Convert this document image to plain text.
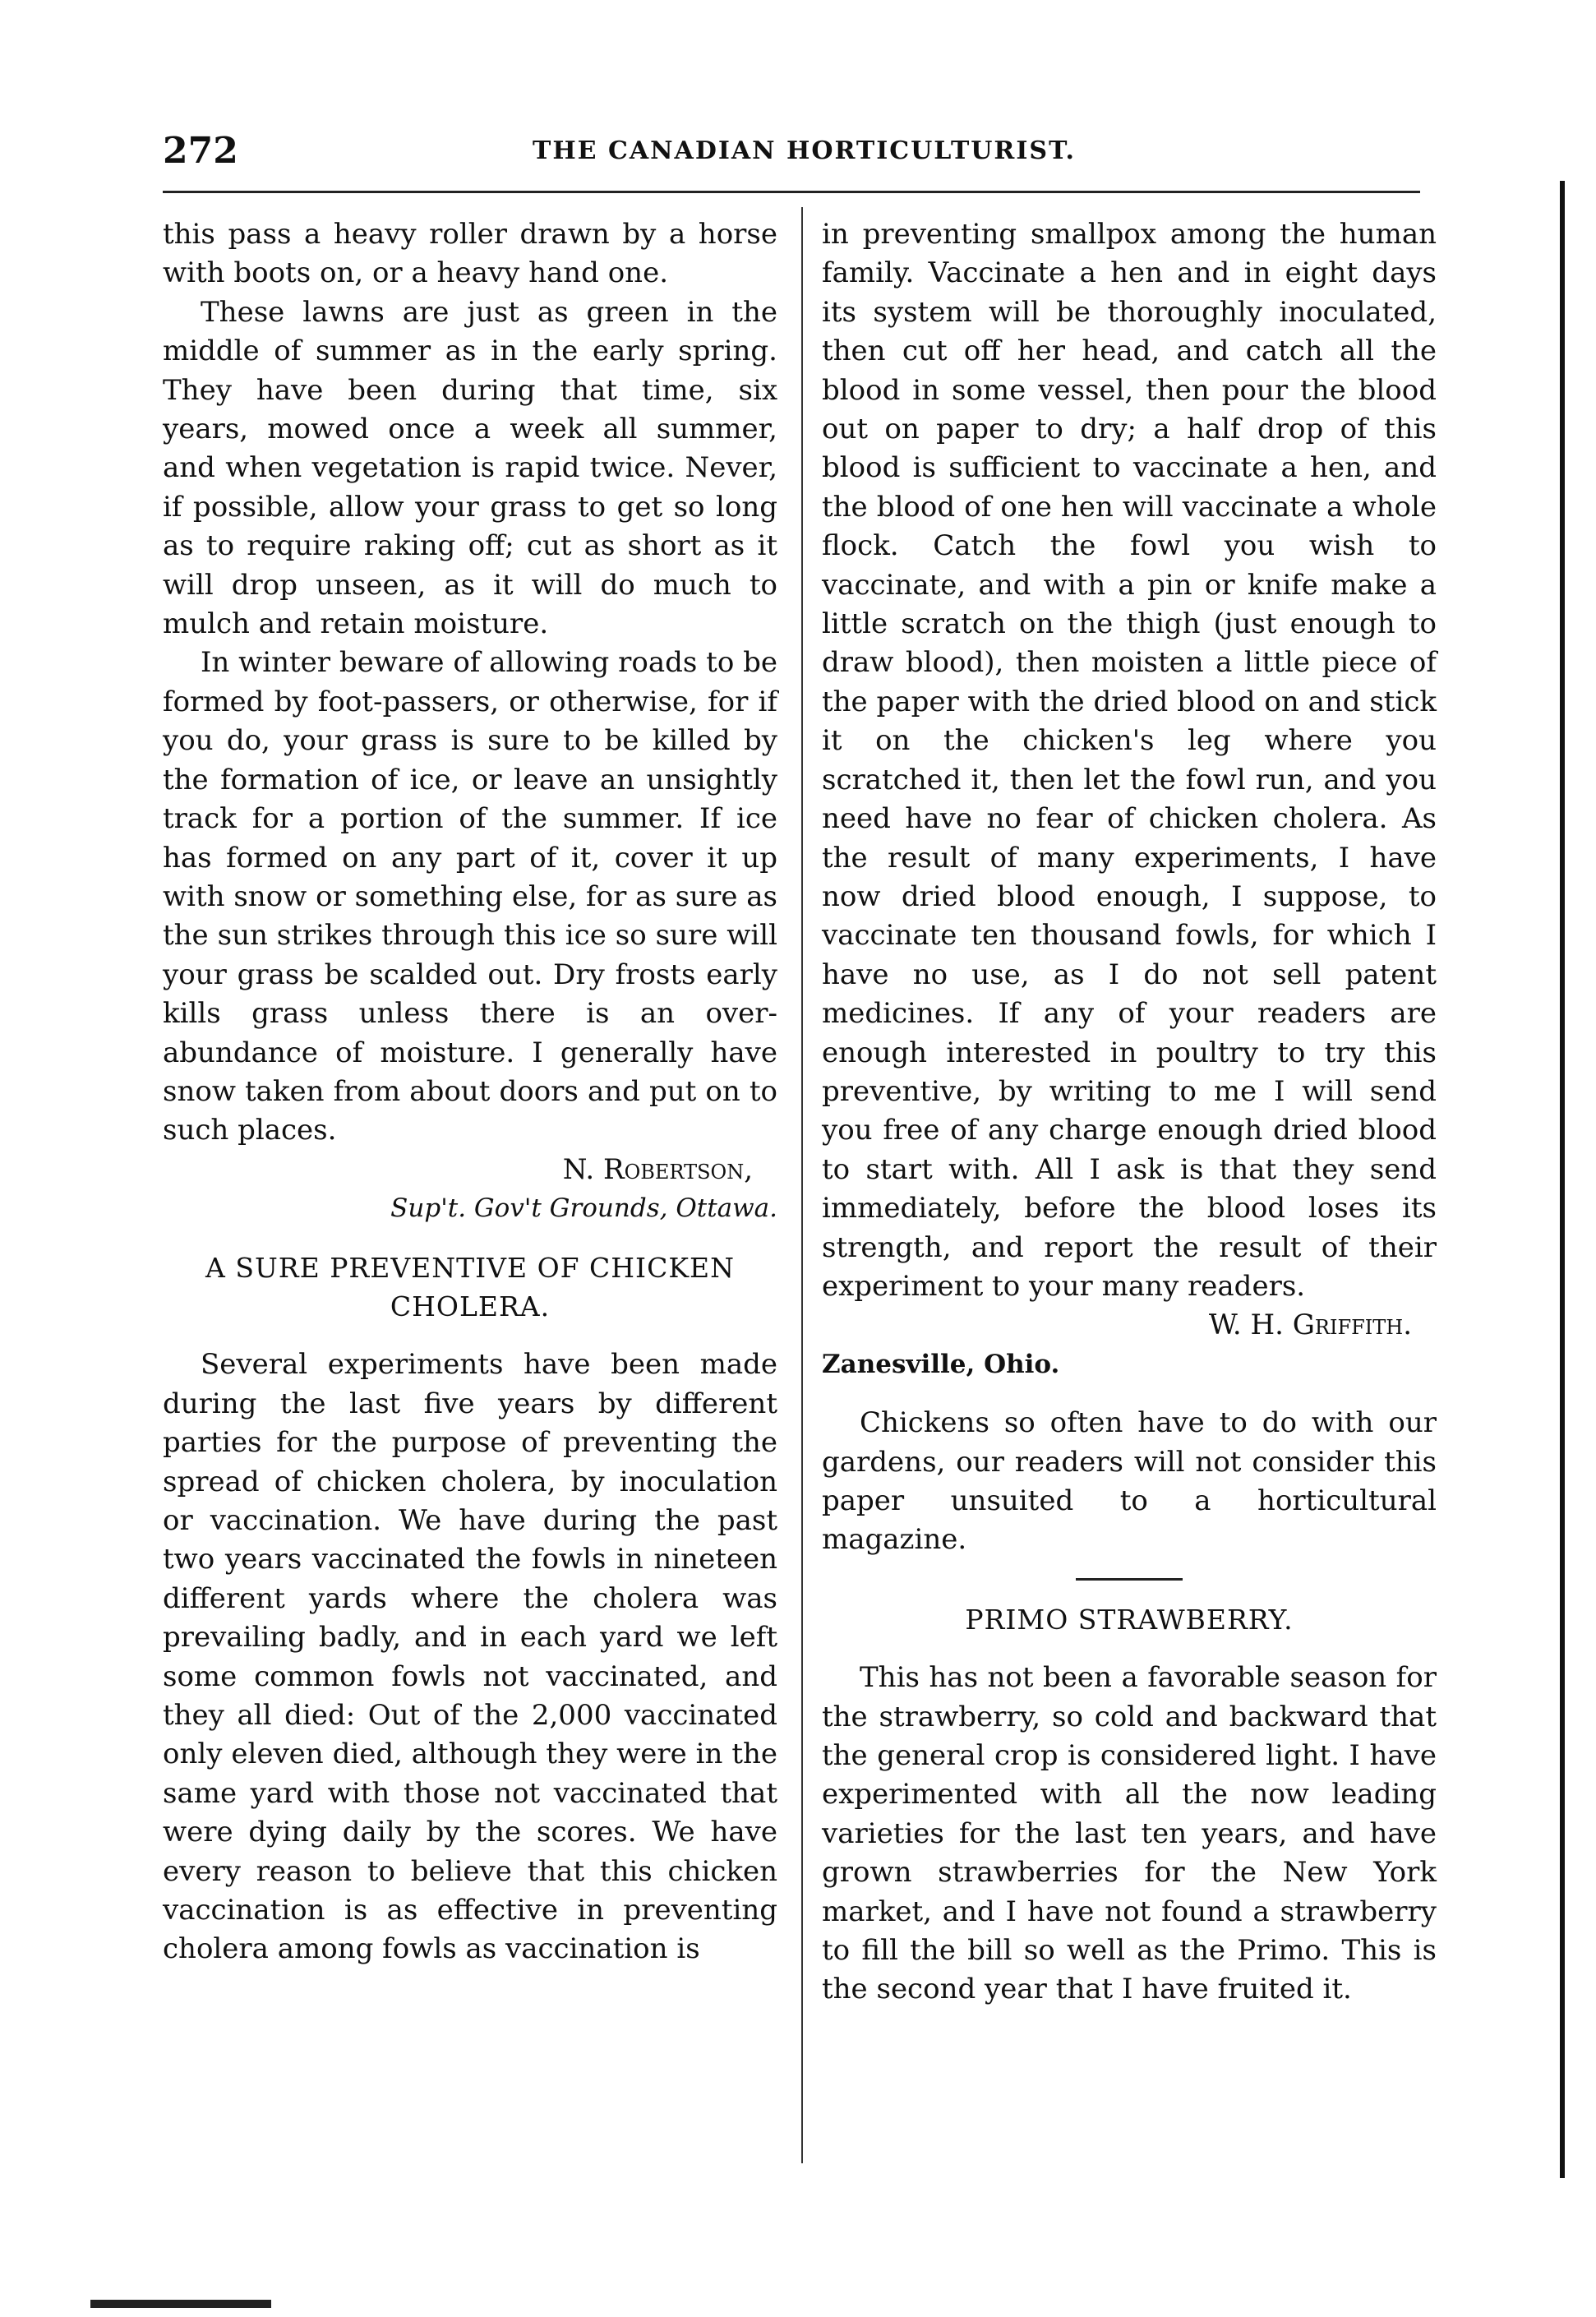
272	THE CANADIAN HORTICULTURIST.

this pass a heavy roller drawn by a horse with boots on, or a heavy hand one.

These lawns are just as green in the middle of summer as in the early spring. They have been during that time, six years, mowed once a week all summer, and when vegetation is rapid twice. Never, if possible, allow your grass to get so long as to require raking off; cut as short as it will drop unseen, as it will do much to mulch and retain moisture.

In winter beware of allowing roads to be formed by foot-passers, or otherwise, for if you do, your grass is sure to be killed by the formation of ice, or leave an unsightly track for a portion of the summer. If ice has formed on any part of it, cover it up with snow or something else, for as sure as the sun strikes through this ice so sure will your grass be scalded out. Dry frosts early kills grass unless there is an over-abundance of moisture. I generally have snow taken from about doors and put on to such places.

N. Robertson,

Sup't. Gov't Grounds, Ottawa.

A SURE PREVENTIVE OF CHICKEN CHOLERA.

Several experiments have been made during the last five years by different parties for the purpose of preventing the spread of chicken cholera, by inoculation or vaccination. We have during the past two years vaccinated the fowls in nineteen different yards where the cholera was prevailing badly, and in each yard we left some common fowls not vaccinated, and they all died: Out of the 2,000 vaccinated only eleven died, although they were in the same yard with those not vaccinated that were dying daily by the scores. We have every reason to believe that this chicken vaccination is as effective in preventing cholera among fowls as vaccination is

in preventing smallpox among the human family. Vaccinate a hen and in eight days its system will be thoroughly inoculated, then cut off her head, and catch all the blood in some vessel, then pour the blood out on paper to dry; a half drop of this blood is sufficient to vaccinate a hen, and the blood of one hen will vaccinate a whole flock. Catch the fowl you wish to vaccinate, and with a pin or knife make a little scratch on the thigh (just enough to draw blood), then moisten a little piece of the paper with the dried blood on and stick it on the chicken's leg where you scratched it, then let the fowl run, and you need have no fear of chicken cholera. As the result of many experiments, I have now dried blood enough, I suppose, to vaccinate ten thousand fowls, for which I have no use, as I do not sell patent medicines. If any of your readers are enough interested in poultry to try this preventive, by writing to me I will send you free of any charge enough dried blood to start with. All I ask is that they send immediately, before the blood loses its strength, and report the result of their experiment to your many readers.

W. H. Griffith.

Zanesville, Ohio.

Chickens so often have to do with our gardens, our readers will not consider this paper unsuited to a horticultural magazine.

PRIMO STRAWBERRY.

This has not been a favorable season for the strawberry, so cold and backward that the general crop is considered light. I have experimented with all the now leading varieties for the last ten years, and have grown strawberries for the New York market, and I have not found a strawberry to fill the bill so well as the Primo. This is the second year that I have fruited it.
